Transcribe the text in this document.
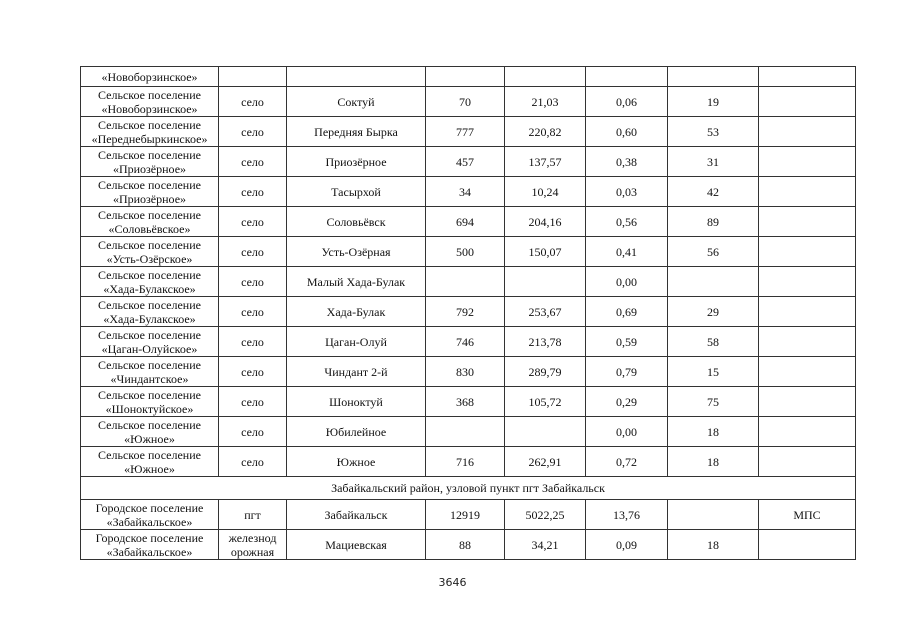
«Новоборзинское»							
Сельское поселение «Новоборзинское»	село	Соктуй	70	21,03	0,06	19	
Сельское поселение «Переднебыркинское»	село	Передняя Бырка	777	220,82	0,60	53	
Сельское поселение «Приозёрное»	село	Приозёрное	457	137,57	0,38	31	
Сельское поселение «Приозёрное»	село	Тасырхой	34	10,24	0,03	42	
Сельское поселение «Соловьёвское»	село	Соловьёвск	694	204,16	0,56	89	
Сельское поселение «Усть-Озёрское»	село	Усть-Озёрная	500	150,07	0,41	56	
Сельское поселение «Хада-Булакское»	село	Малый Хада-Булак			0,00		
Сельское поселение «Хада-Булакское»	село	Хада-Булак	792	253,67	0,69	29	
Сельское поселение «Цаган-Олуйское»	село	Цаган-Олуй	746	213,78	0,59	58	
Сельское поселение «Чиндантское»	село	Чиндант 2-й	830	289,79	0,79	15	
Сельское поселение «Шоноктуйское»	село	Шоноктуй	368	105,72	0,29	75	
Сельское поселение «Южное»	село	Юбилейное			0,00	18	
Сельское поселение «Южное»	село	Южное	716	262,91	0,72	18	
Забайкальский район, узловой пункт пгт Забайкальск							
Городское поселение «Забайкальское»	пгт	Забайкальск	12919	5022,25	13,76		МПС
Городское поселение «Забайкальское»	железнод орожная	Мациевская	88	34,21	0,09	18	
3646
